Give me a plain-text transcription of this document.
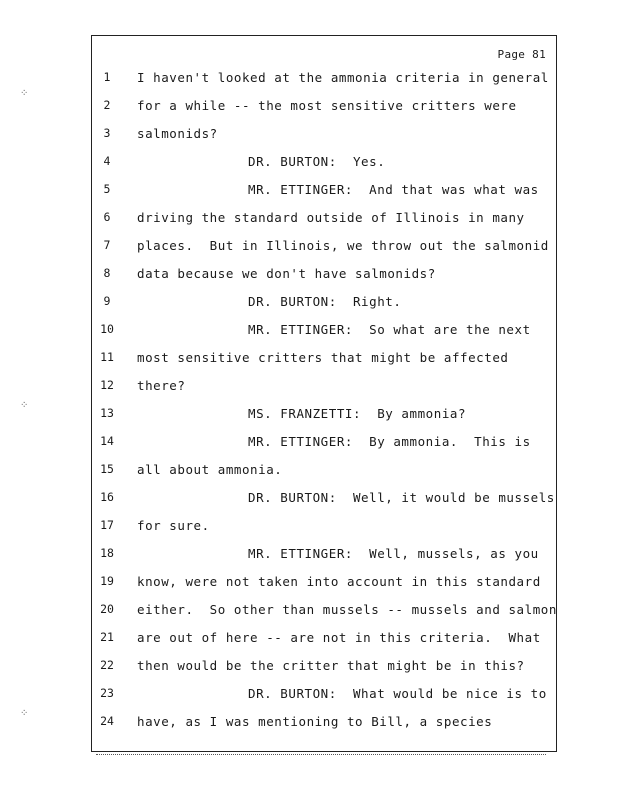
Page 81
1	I haven't looked at the ammonia criteria in general
2	for a while -- the most sensitive critters were
3	salmonids?
4	DR. BURTON:  Yes.
5	MR. ETTINGER:  And that was what was
6	driving the standard outside of Illinois in many
7	places.  But in Illinois, we throw out the salmonid
8	data because we don't have salmonids?
9	DR. BURTON:  Right.
10	MR. ETTINGER:  So what are the next
11	most sensitive critters that might be affected
12	there?
13	MS. FRANZETTI:  By ammonia?
14	MR. ETTINGER:  By ammonia.  This is
15	all about ammonia.
16	DR. BURTON:  Well, it would be mussels
17	for sure.
18	MR. ETTINGER:  Well, mussels, as you
19	know, were not taken into account in this standard
20	either.  So other than mussels -- mussels and salmon
21	are out of here -- are not in this criteria.  What
22	then would be the critter that might be in this?
23	DR. BURTON:  What would be nice is to
24	have, as I was mentioning to Bill, a species
⁘
⁘
⁘
